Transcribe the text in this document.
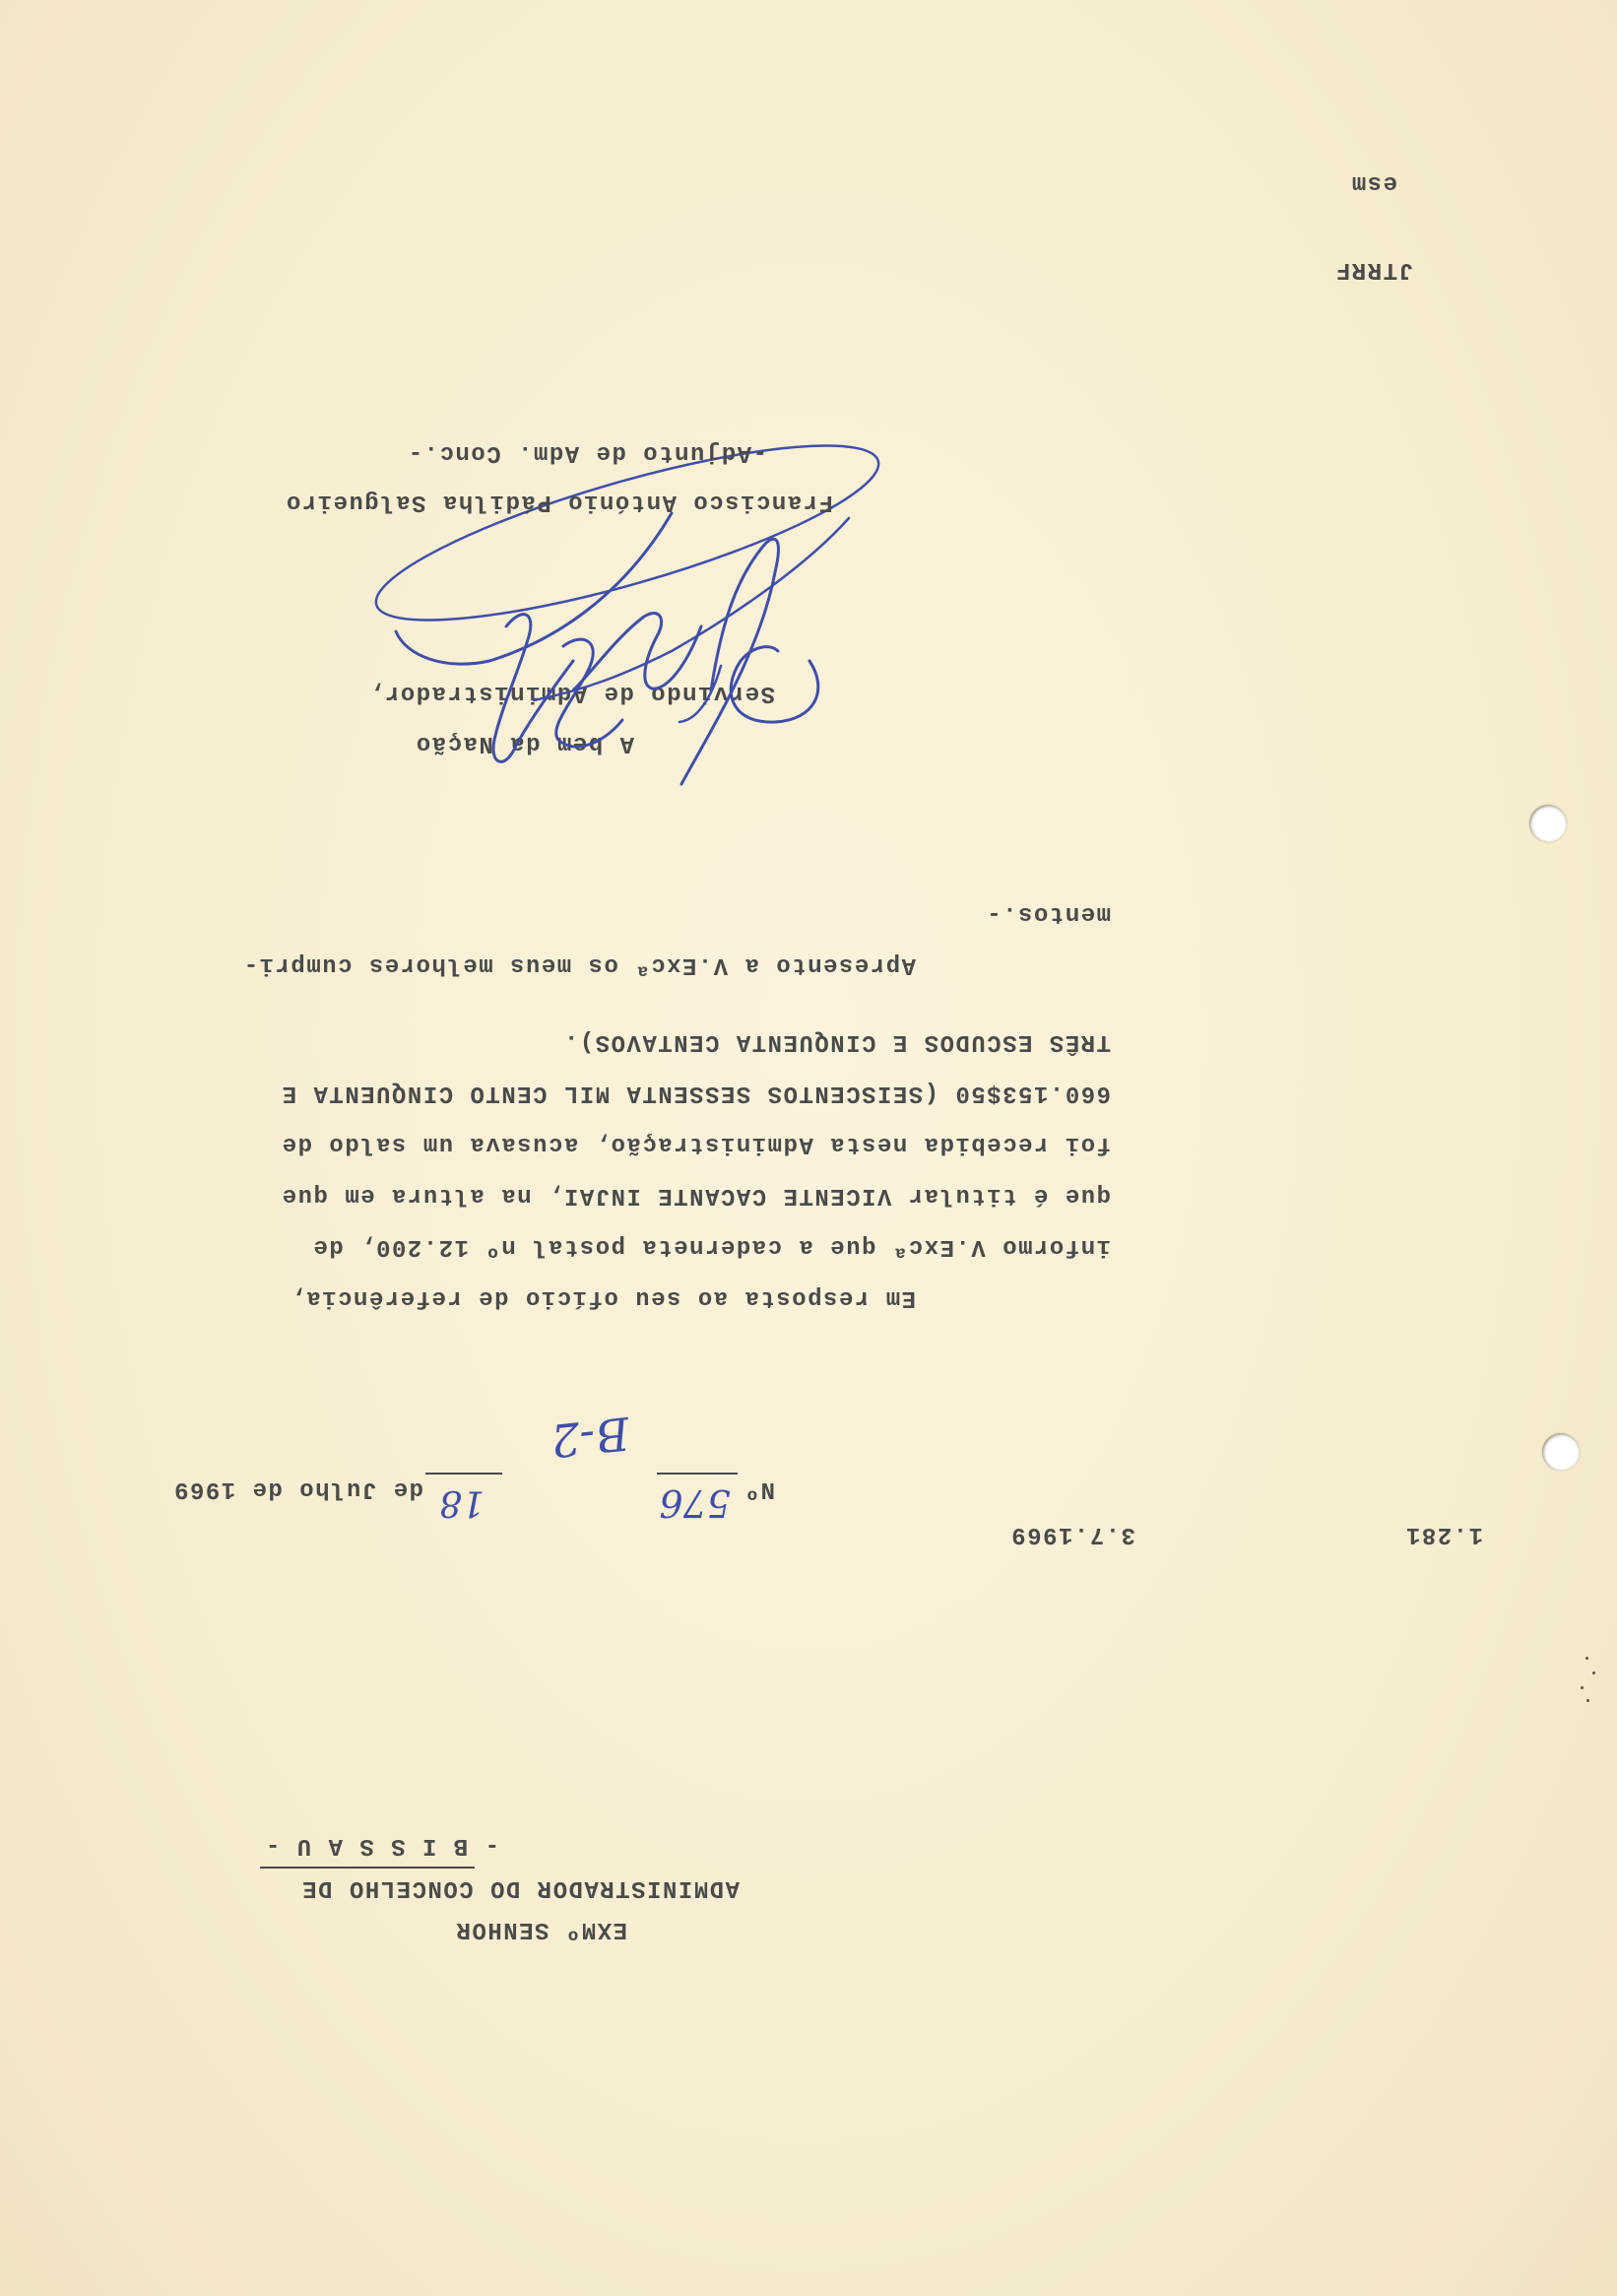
EXMº SENHOR
ADMINISTRADOR DO CONCELHO DE
- B I S S A U -
1.281
3.7.1969
Nº
576
18
de Julho de 1969
B-2
Em resposta ao seu ofício de referência,
informo V.Excª que a caderneta postal nº 12.200, de
que é titular VICENTE CACANTE INJAI, na altura em que
foi recebida nesta Administração, acusava um saldo de
660.153$50 (SEISCENTOS SESSENTA MIL CENTO CINQUENTA E
TRÊS ESCUDOS E CINQUENTA CENTAVOS).
Apresento a V.Excª os meus melhores cumpri-
mentos.-
A bem da Nação
Servindo de Administrador,
Francisco António Pádilha Salgueiro
-Adjunto de Adm. Conc.-
JTRRF
esm
